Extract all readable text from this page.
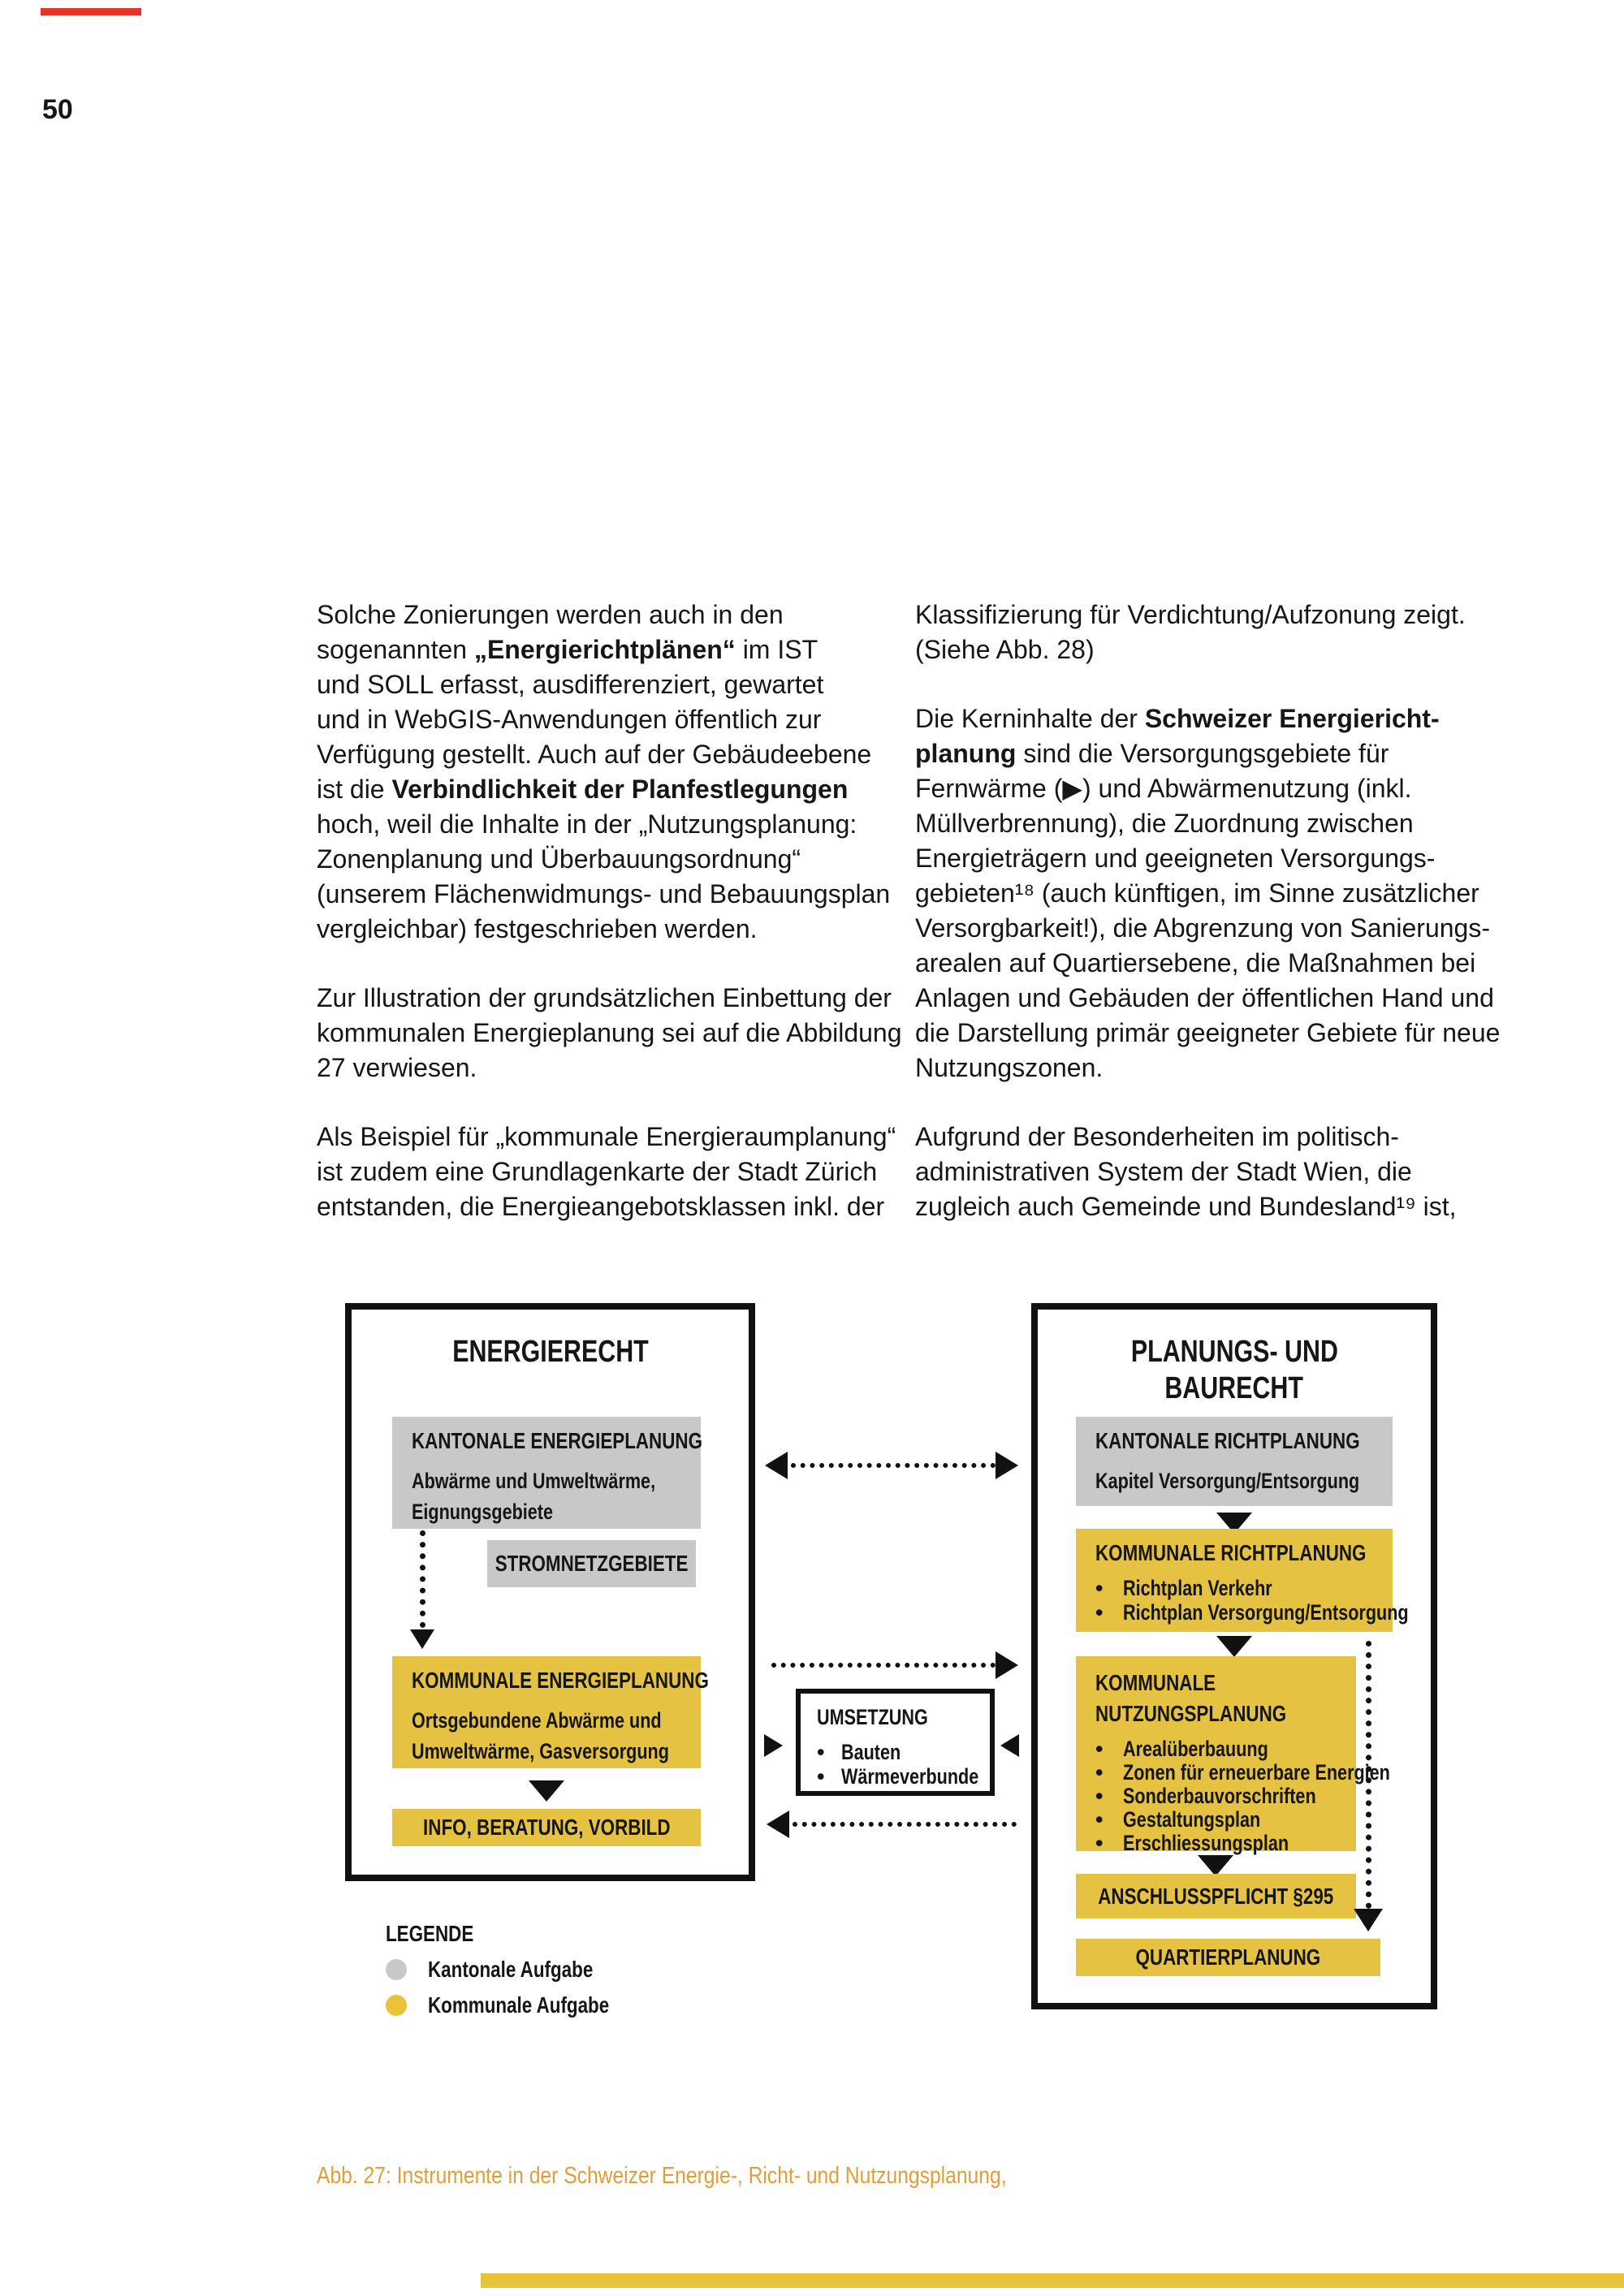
50
Solche Zonierungen werden auch in den
sogenannten „Energierichtplänen“ im IST
und SOLL erfasst, ausdifferenziert, gewartet
und in WebGIS-Anwendungen öffentlich zur
Verfügung gestellt. Auch auf der Gebäudeebene
ist die Verbindlichkeit der Planfestlegungen
hoch, weil die Inhalte in der „Nutzungsplanung:
Zonenplanung und Überbauungsordnung“
(unserem Flächenwidmungs- und Bebauungsplan
vergleichbar) festgeschrieben werden.
Zur Illustration der grundsätzlichen Einbettung der
kommunalen Energieplanung sei auf die Abbildung
27 verwiesen.
Als Beispiel für „kommunale Energieraumplanung“
ist zudem eine Grundlagenkarte der Stadt Zürich
entstanden, die Energieangebotsklassen inkl. der
Klassifizierung für Verdichtung/Aufzonung zeigt.
(Siehe Abb. 28)
Die Kerninhalte der Schweizer Energiericht-
planung sind die Versorgungsgebiete für
Fernwärme (▶) und Abwärmenutzung (inkl.
Müllverbrennung), die Zuordnung zwischen
Energieträgern und geeigneten Versorgungs-
gebieten¹⁸ (auch künftigen, im Sinne zusätzlicher
Versorgbarkeit!), die Abgrenzung von Sanierungs-
arealen auf Quartiersebene, die Maßnahmen bei
Anlagen und Gebäuden der öffentlichen Hand und
die Darstellung primär geeigneter Gebiete für neue
Nutzungszonen.
Aufgrund der Besonderheiten im politisch-
administrativen System der Stadt Wien, die
zugleich auch Gemeinde und Bundesland¹⁹ ist,
ENERGIERECHT
KANTONALE ENERGIEPLANUNG
Abwärme und Umweltwärme,
Eignungsgebiete
STROMNETZGEBIETE
KOMMUNALE ENERGIEPLANUNG
Ortsgebundene Abwärme und
Umweltwärme, Gasversorgung
INFO, BERATUNG, VORBILD
UMSETZUNG
• Bauten
• Wärmeverbunde
PLANUNGS- UND
BAURECHT
KANTONALE RICHTPLANUNG
Kapitel Versorgung/Entsorgung
KOMMUNALE RICHTPLANUNG
• Richtplan Verkehr
• Richtplan Versorgung/Entsorgung
KOMMUNALE
NUTZUNGSPLANUNG
• Arealüberbauung
• Zonen für erneuerbare Energien
• Sonderbauvorschriften
• Gestaltungsplan
• Erschliessungsplan
ANSCHLUSSPFLICHT §295
QUARTIERPLANUNG
LEGENDE
Kantonale Aufgabe
Kommunale Aufgabe
Abb. 27: Instrumente in der Schweizer Energie-, Richt- und Nutzungsplanung,
